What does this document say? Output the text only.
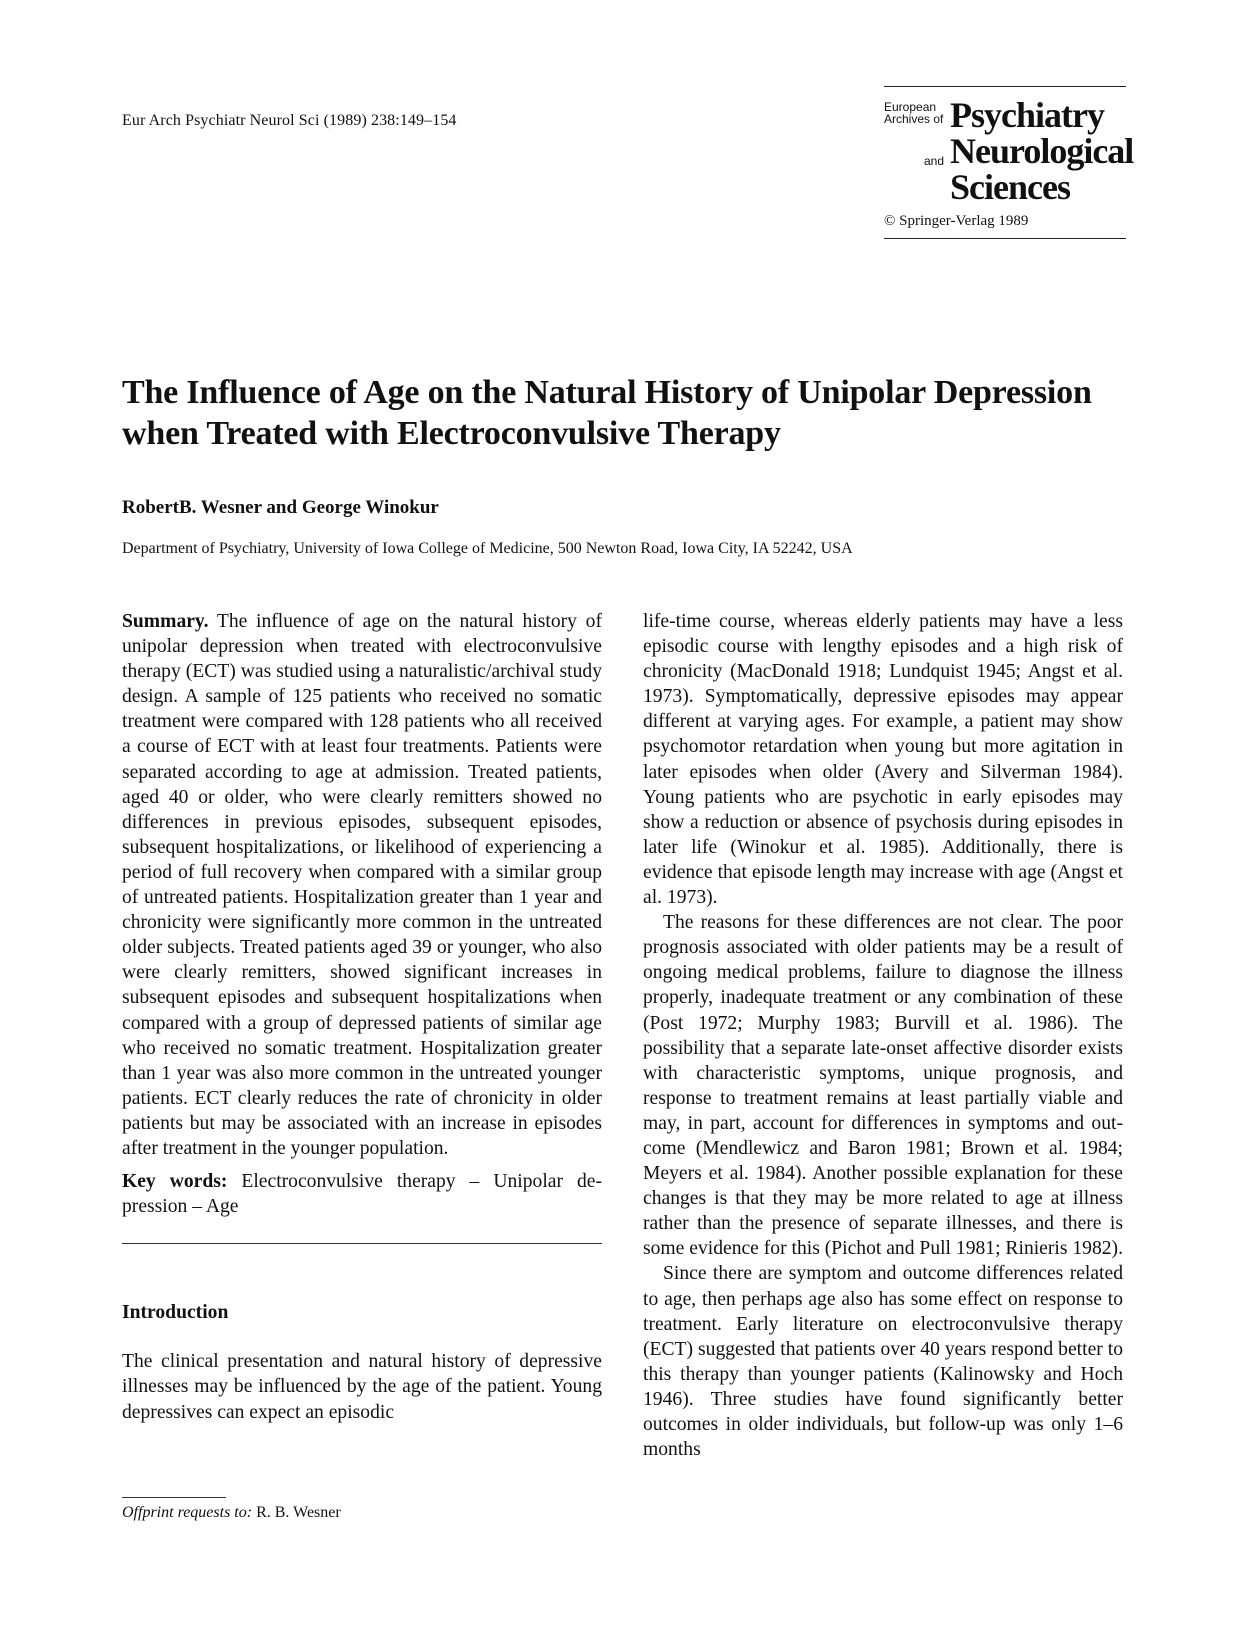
Eur Arch Psychiatr Neurol Sci (1989) 238:149–154
European
Archives of Psychiatry
and Neurological
Sciences
© Springer-Verlag 1989
The Influence of Age on the Natural History of Unipolar Depression when Treated with Electroconvulsive Therapy
RobertB. Wesner and George Winokur
Department of Psychiatry, University of Iowa College of Medicine, 500 Newton Road, Iowa City, IA 52242, USA

Summary. The influence of age on the natural history of unipolar depression when treated with electroconvulsive therapy (ECT) was studied using a naturalistic/archival study design. A sample of 125 patients who received no somatic treatment were compared with 128 patients who all received a course of ECT with at least four treatments. Patients were separated according to age at admission. Treated patients, aged 40 or older, who were clearly remitters showed no differences in previous episodes, subsequent episodes, subsequent hospitalizations, or likelihood of experiencing a period of full recovery when compared with a similar group of untreated patients. Hospitalization greater than 1 year and chronicity were significantly more common in the untreated older subjects. Treated patients aged 39 or younger, who also were clearly remitters, showed significant increases in subsequent episodes and subsequent hospitalizations when compared with a group of depressed patients of similar age who received no somatic treatment. Hospitalization greater than 1 year was also more common in the untreated younger patients. ECT clearly reduces the rate of chronicity in older patients but may be associated with an increase in episodes after treatment in the younger population.

Key words: Electroconvulsive therapy – Unipolar depression – Age

Introduction

The clinical presentation and natural history of depressive illnesses may be influenced by the age of the patient. Young depressives can expect an episodic

life-time course, whereas elderly patients may have a less episodic course with lengthy episodes and a high risk of chronicity (MacDonald 1918; Lundquist 1945; Angst et al. 1973). Symptomatically, depressive episodes may appear different at varying ages. For example, a patient may show psychomotor retardation when young but more agitation in later episodes when older (Avery and Silverman 1984). Young patients who are psychotic in early episodes may show a reduction or absence of psychosis during episodes in later life (Winokur et al. 1985). Additionally, there is evidence that episode length may increase with age (Angst et al. 1973).

The reasons for these differences are not clear. The poor prognosis associated with older patients may be a result of ongoing medical problems, failure to diagnose the illness properly, inadequate treatment or any combination of these (Post 1972; Murphy 1983; Burvill et al. 1986). The possibility that a separate late-onset affective disorder exists with characteristic symptoms, unique prognosis, and response to treatment remains at least partially viable and may, in part, account for differences in symptoms and outcome (Mendlewicz and Baron 1981; Brown et al. 1984; Meyers et al. 1984). Another possible explanation for these changes is that they may be more related to age at illness rather than the presence of separate illnesses, and there is some evidence for this (Pichot and Pull 1981; Rinieris 1982).

Since there are symptom and outcome differences related to age, then perhaps age also has some effect on response to treatment. Early literature on electroconvulsive therapy (ECT) suggested that patients over 40 years respond better to this therapy than younger patients (Kalinowsky and Hoch 1946). Three studies have found significantly better outcomes in older individuals, but follow-up was only 1–6 months

Offprint requests to: R. B. Wesner
